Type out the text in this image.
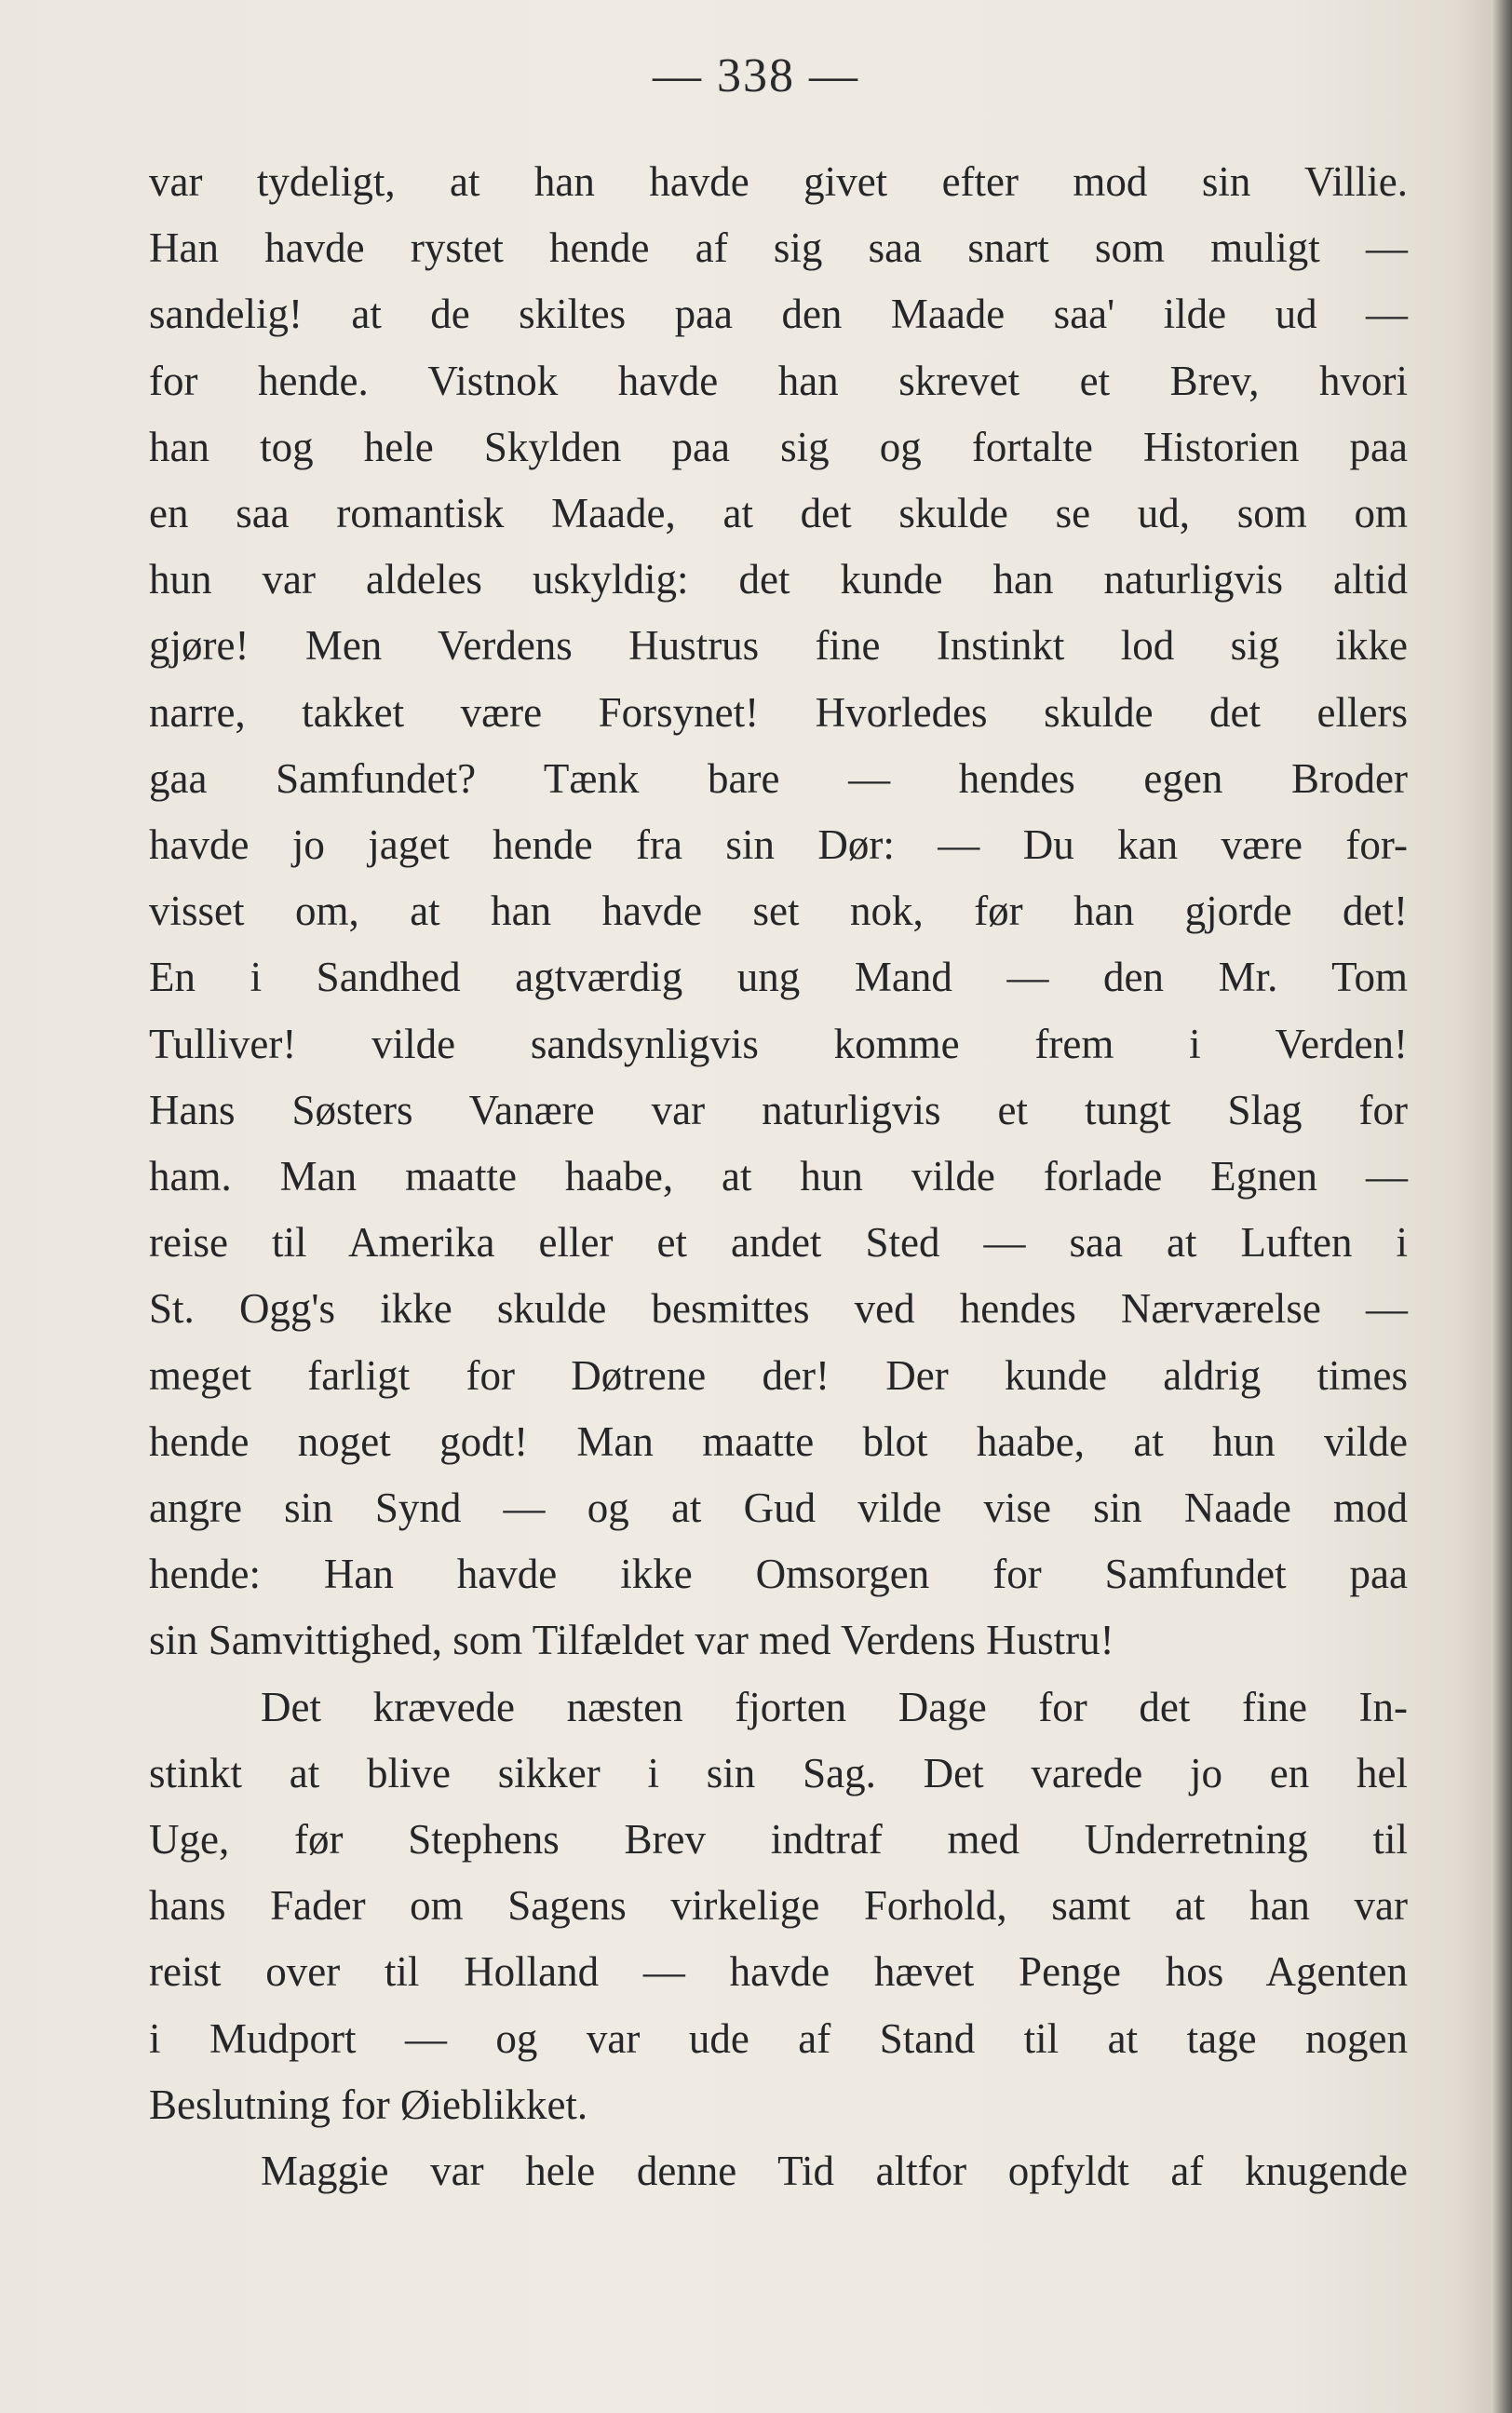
— 338 —
var tydeligt, at han havde givet efter mod sin Villie.
Han havde rystet hende af sig saa snart som muligt —
sandelig! at de skiltes paa den Maade saa' ilde ud —
for hende. Vistnok havde han skrevet et Brev, hvori
han tog hele Skylden paa sig og fortalte Historien paa
en saa romantisk Maade, at det skulde se ud, som om
hun var aldeles uskyldig: det kunde han naturligvis altid
gjøre! Men Verdens Hustrus fine Instinkt lod sig ikke
narre, takket være Forsynet! Hvorledes skulde det ellers
gaa Samfundet? Tænk bare — hendes egen Broder
havde jo jaget hende fra sin Dør: — Du kan være for-
visset om, at han havde set nok, før han gjorde det!
En i Sandhed agtværdig ung Mand — den Mr. Tom
Tulliver! vilde sandsynligvis komme frem i Verden!
Hans Søsters Vanære var naturligvis et tungt Slag for
ham. Man maatte haabe, at hun vilde forlade Egnen —
reise til Amerika eller et andet Sted — saa at Luften i
St. Ogg's ikke skulde besmittes ved hendes Nærværelse —
meget farligt for Døtrene der! Der kunde aldrig times
hende noget godt! Man maatte blot haabe, at hun vilde
angre sin Synd — og at Gud vilde vise sin Naade mod
hende: Han havde ikke Omsorgen for Samfundet paa
sin Samvittighed, som Tilfældet var med Verdens Hustru!
Det krævede næsten fjorten Dage for det fine In-
stinkt at blive sikker i sin Sag. Det varede jo en hel
Uge, før Stephens Brev indtraf med Underretning til
hans Fader om Sagens virkelige Forhold, samt at han var
reist over til Holland — havde hævet Penge hos Agenten
i Mudport — og var ude af Stand til at tage nogen
Beslutning for Øieblikket.
Maggie var hele denne Tid altfor opfyldt af knugende
